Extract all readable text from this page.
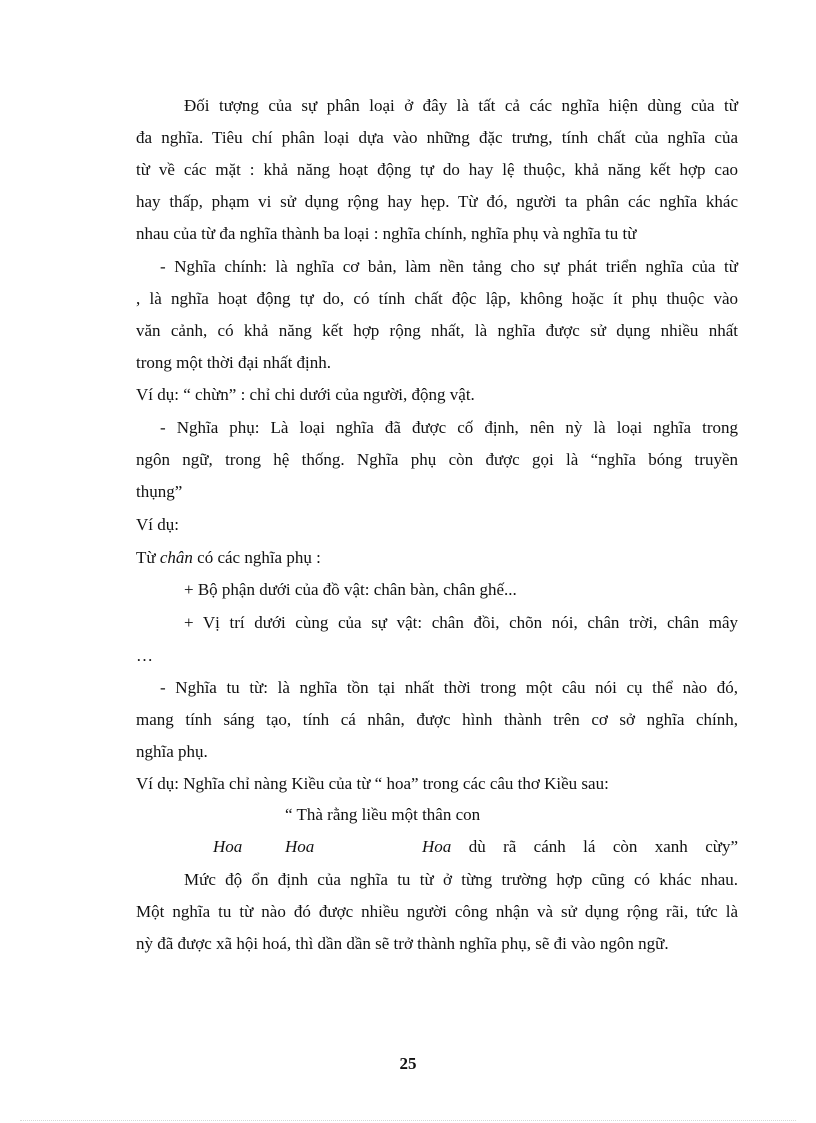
Đối tượng của sự phân loại ở đây là tất cả các nghĩa hiện dùng của từ
đa nghĩa. Tiêu chí phân loại dựa vào những đặc trưng, tính chất của nghĩa của
từ về các mặt : khả năng hoạt động tự do hay lệ thuộc, khả năng kết hợp cao
hay thấp, phạm vi sử dụng rộng hay hẹp. Từ đó, người ta phân các nghĩa khác
nhau của từ đa nghĩa thành ba loại : nghĩa chính, nghĩa phụ và nghĩa tu từ
- Nghĩa chính: là nghĩa cơ bản, làm nền tảng cho sự phát triển nghĩa của từ
, là nghĩa hoạt động tự do, có tính chất độc lập, không hoặc ít phụ thuộc vào
văn cảnh, có khả năng kết hợp rộng nhất, là nghĩa được sử dụng nhiều nhất
trong một thời đại nhất định.
Ví dụ: “ chừn” : chỉ chi dưới của người, động vật.
- Nghĩa phụ: Là loại nghĩa đã được cố định, nên nỳ là loại nghĩa trong
ngôn ngữ, trong hệ thống. Nghĩa phụ còn được gọi là “nghĩa bóng truyền
thụng”
Ví dụ:
Từ chân có các nghĩa phụ :
+ Bộ phận dưới của đồ vật: chân bàn, chân ghế...
+ Vị trí dưới cùng của sự vật: chân đồi, chõn nói, chân trời, chân mây
…
- Nghĩa tu từ: là nghĩa tồn tại nhất thời trong một câu nói cụ thể nào đó,
mang tính sáng tạo, tính cá nhân, được hình thành trên cơ sở nghĩa chính,
nghĩa phụ.
Ví dụ: Nghĩa chỉ nàng Kiều của từ “ hoa” trong các câu thơ Kiều sau:
“ Thà rằng liều một thân con
Hoa	Hoa	Hoa dù rã cánh lá còn xanh cừy”
Mức độ ổn định của nghĩa tu từ ở từng trường hợp cũng có khác nhau.
Một nghĩa tu từ nào đó được nhiều người công nhận và sử dụng rộng rãi, tức là
nỳ đã được xã hội hoá, thì dần dần sẽ trở thành nghĩa phụ, sẽ đi vào ngôn ngữ.
25
